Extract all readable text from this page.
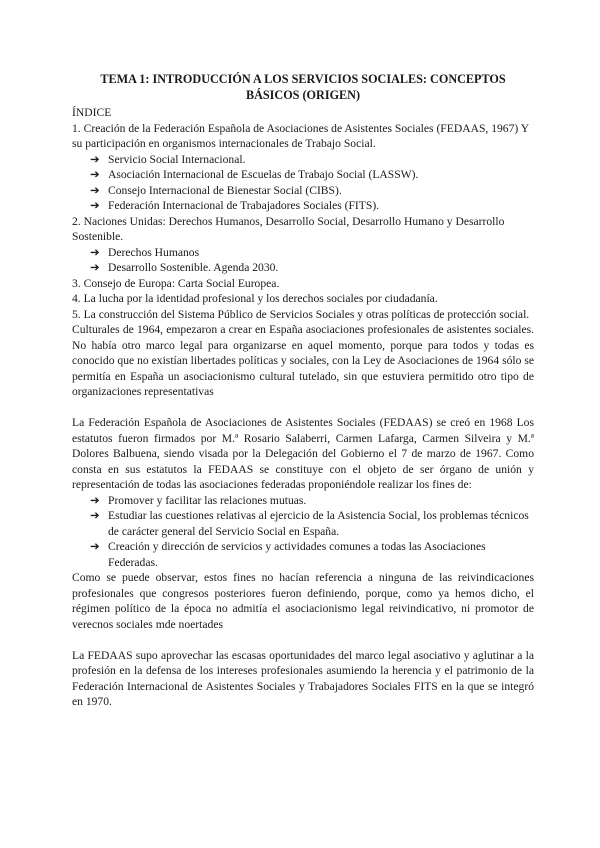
TEMA 1: INTRODUCCIÓN A LOS SERVICIOS SOCIALES: CONCEPTOS BÁSICOS (ORIGEN)

ÍNDICE

1. Creación de la Federación Española de Asociaciones de Asistentes Sociales (FEDAAS, 1967) Y su participación en organismos internacionales de Trabajo Social.

➔ Servicio Social Internacional.

➔ Asociación Internacional de Escuelas de Trabajo Social (LASSW).

➔ Consejo Internacional de Bienestar Social (CIBS).

➔ Federación Internacional de Trabajadores Sociales (FITS).

2. Naciones Unidas: Derechos Humanos, Desarrollo Social, Desarrollo Humano y Desarrollo Sostenible.

➔ Derechos Humanos

➔ Desarrollo Sostenible. Agenda 2030.

3. Consejo de Europa: Carta Social Europea.

4. La lucha por la identidad profesional y los derechos sociales por ciudadanía.

5. La construcción del Sistema Público de Servicios Sociales y otras políticas de protección social.

Culturales de 1964, empezaron a crear en España asociaciones profesionales de asistentes sociales. No había otro marco legal para organizarse en aquel momento, porque para todos y todas es conocido que no existían libertades políticas y sociales, con la Ley de Asociaciones de 1964 sólo se permitía en España un asociacionismo cultural tutelado, sin que estuviera permitido otro tipo de organizaciones representativas

La Federación Española de Asociaciones de Asistentes Sociales (FEDAAS) se creó en 1968 Los estatutos fueron firmados por M.ª Rosario Salaberri, Carmen Lafarga, Carmen Silveira y M.ª Dolores Balbuena, siendo visada por la Delegación del Gobierno el 7 de marzo de 1967. Como consta en sus estatutos la FEDAAS se constituye con el objeto de ser órgano de unión y representación de todas las asociaciones federadas proponiéndole realizar los fines de:

➔ Promover y facilitar las relaciones mutuas.

➔ Estudiar las cuestiones relativas al ejercicio de la Asistencia Social, los problemas técnicos de carácter general del Servicio Social en España.

➔ Creación y dirección de servicios y actividades comunes a todas las Asociaciones Federadas.

Como se puede observar, estos fines no hacían referencia a ninguna de las reivindicaciones profesionales que congresos posteriores fueron definiendo, porque, como ya hemos dicho, el régimen político de la época no admitía el asociacionismo legal reivindicativo, ni promotor de verecnos sociales mde noertades

La FEDAAS supo aprovechar las escasas oportunidades del marco legal asociativo y aglutinar a la profesión en la defensa de los intereses profesionales asumiendo la herencia y el patrimonio de la Federación Internacional de Asistentes Sociales y Trabajadores Sociales FITS en la que se integró en 1970.
